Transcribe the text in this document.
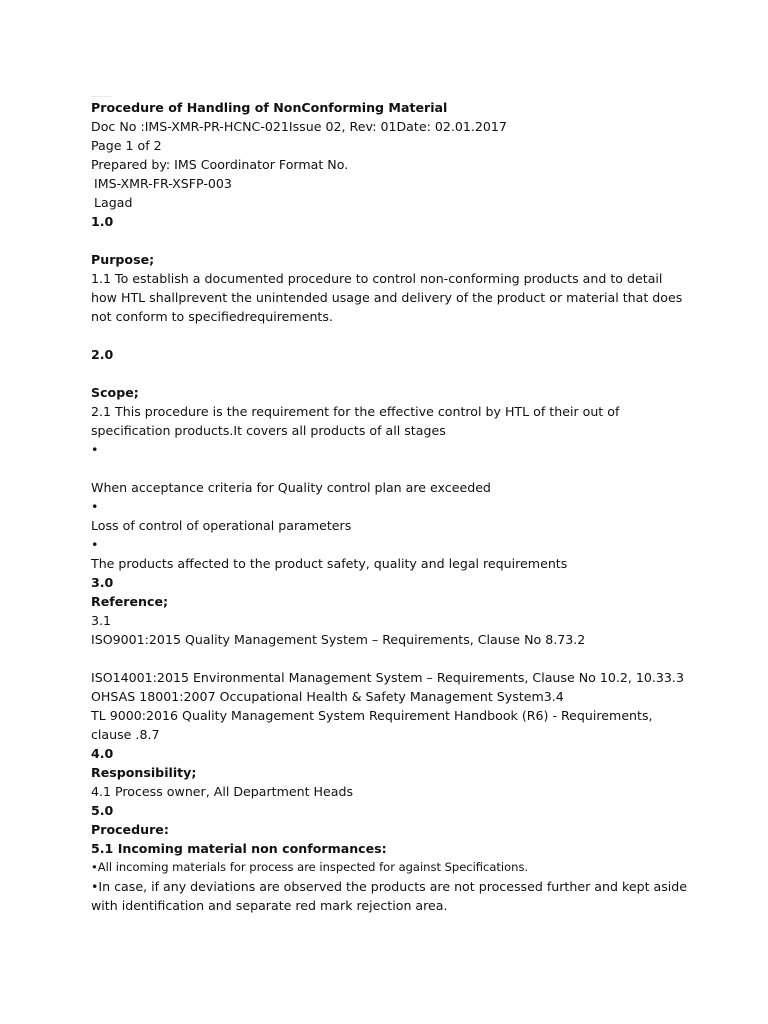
Procedure of Handling of NonConforming Material
Doc No :IMS-XMR-PR-HCNC-021Issue 02, Rev: 01Date: 02.01.2017
Page 1 of 2
Prepared by: IMS Coordinator Format No.
IMS-XMR-FR-XSFP-003
Lagad
1.0
Purpose;
1.1 To establish a documented procedure to control non-conforming products and to detail how HTL shallprevent the unintended usage and delivery of the product or material that does not conform to specifiedrequirements.
2.0
Scope;
2.1 This procedure is the requirement for the effective control by HTL of their out of specification products.It covers all products of all stages
•
When acceptance criteria for Quality control plan are exceeded
•
Loss of control of operational parameters
•
The products affected to the product safety, quality and legal requirements
3.0
Reference;
3.1
ISO9001:2015 Quality Management System – Requirements, Clause No 8.73.2
ISO14001:2015 Environmental Management System – Requirements, Clause No 10.2, 10.33.3
OHSAS 18001:2007 Occupational Health & Safety Management System3.4
TL 9000:2016 Quality Management System Requirement Handbook (R6) - Requirements, clause .8.7
4.0
Responsibility;
4.1 Process owner, All Department Heads
5.0
Procedure:
5.1 Incoming material non conformances:
•All incoming materials for process are inspected for against Specifications.
•In case, if any deviations are observed the products are not processed further and kept aside with identification and separate red mark rejection area.
